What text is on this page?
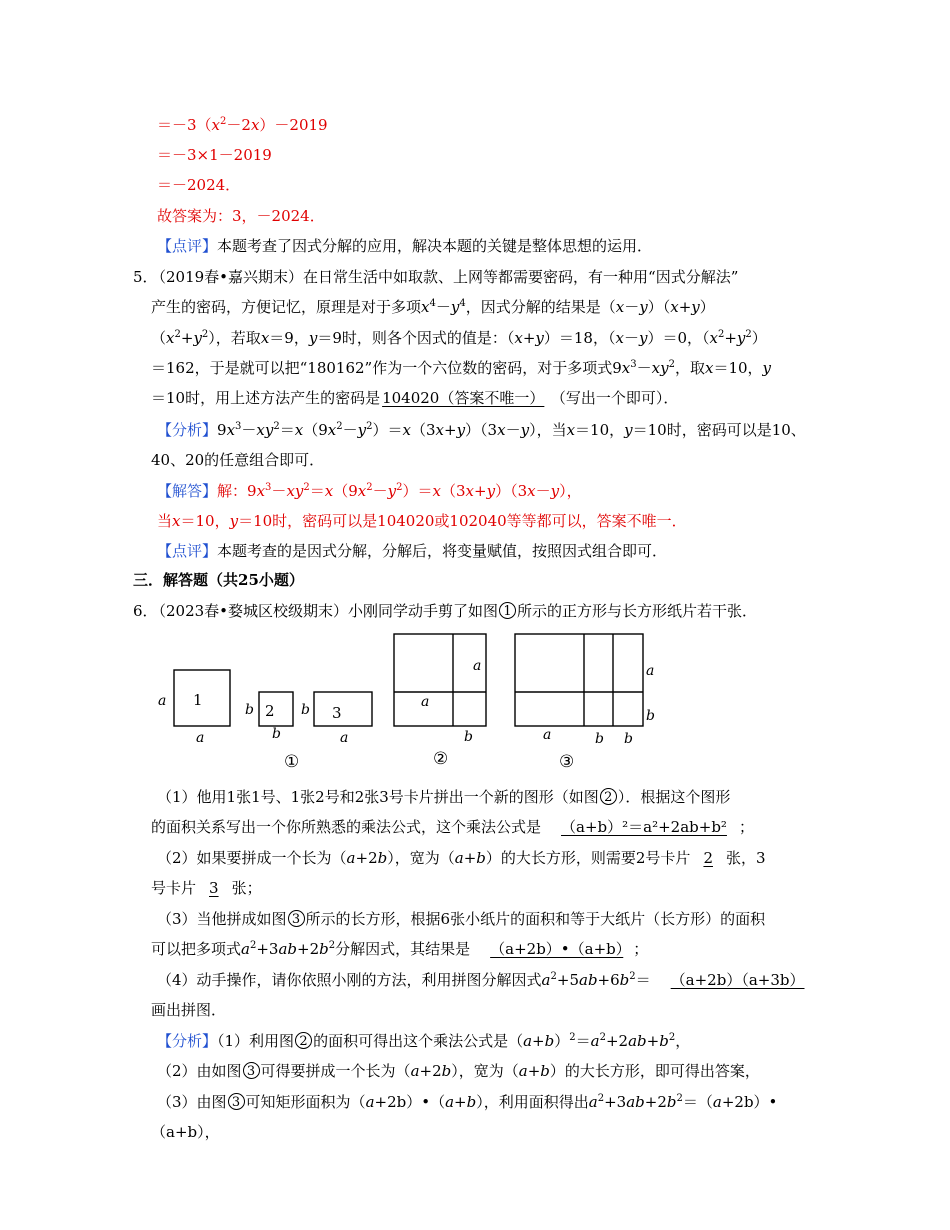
$=-3(x^2-2x)-2019$
＝－3×1－2019
＝－2024．
故答案为：3，－2024．
【点评】本题考查了因式分解的应用，解决本题的关键是整体思想的运用．
5．
（2019春•嘉兴期末）在日常生活中如取款、上网等都需要密码，有一种用“因式分解法”
产生的密码，方便记忆，原理是对于多项$x^4-y^4$，因式分解的结果是（x－y）（x+y）
$(x^2+y^2)$，若取x＝9，y＝9时，则各个因式的值是：（x+y）＝18，（x－y）＝0，$(x^2+y^2)$
＝162，于是就可以把“180162”作为一个六位数的密码，对于多项式$9x^3-xy^2$，取x＝10，y
＝10时，用上述方法产生的密码是 104020（答案不唯一） （写出一个即可）．
【分析】$9x^3-xy^2=x(9x^2-y^2)=x(3x+y)(3x-y)$，当x＝10，y＝10时，密码可以是10、
40、20的任意组合即可．
【解答】解：$9x^3-xy^2=x(9x^2-y^2)=x(3x+y)(3x-y)$，
当x＝10，y＝10时，密码可以是104020或102040等等都可以，答案不唯一．
【点评】本题考查的是因式分解，分解后，将变量赋值，按照因式组合即可．
三．解答题（共25小题）
6．
（2023春•婺城区校级期末）小刚同学动手剪了如图 1 所示的正方形与长方形纸片若干张．
1
2	3
a
a
b
b
b
a
a
a
b
a
b
a	b b
①	②	③
（1）他用1张1号、1张2号和2张3号卡片拼出一个新的图形（如图 2 ）．根据这个图形
的面积关系写出一个你所熟悉的乘法公式，这个乘法公式是 （a+b）²＝a²+2ab+b² ；
（2）如果要拼成一个长为（a+2b），宽为（a+b）的大长方形，则需要2号卡片 2 张，3
号卡片 3 张；
（3）当他拼成如图 3 所示的长方形，根据6张小纸片的面积和等于大纸片（长方形）的面积
可以把多项式$a^2+3ab+2b^2$分解因式，其结果是 （a+2b）•（a+b） ；
（4）动手操作，请你依照小刚的方法，利用拼图分解因式$a^2+5ab+6b^2= (a+2b)(a+3b)$
画出拼图．
【分析】（1）利用图 2 的面积可得出这个乘法公式是$(a+b)^2=a^2+2ab+b^2$，
（2）由如图 3 可得要拼成一个长为（a+2b），宽为（a+b）的大长方形，即可得出答案，
（3）由图 3 可知矩形面积为（a+2b）•（a+b），利用面积得出$a^2+3ab+2b^2=(a+2b)•$
（a+b），
